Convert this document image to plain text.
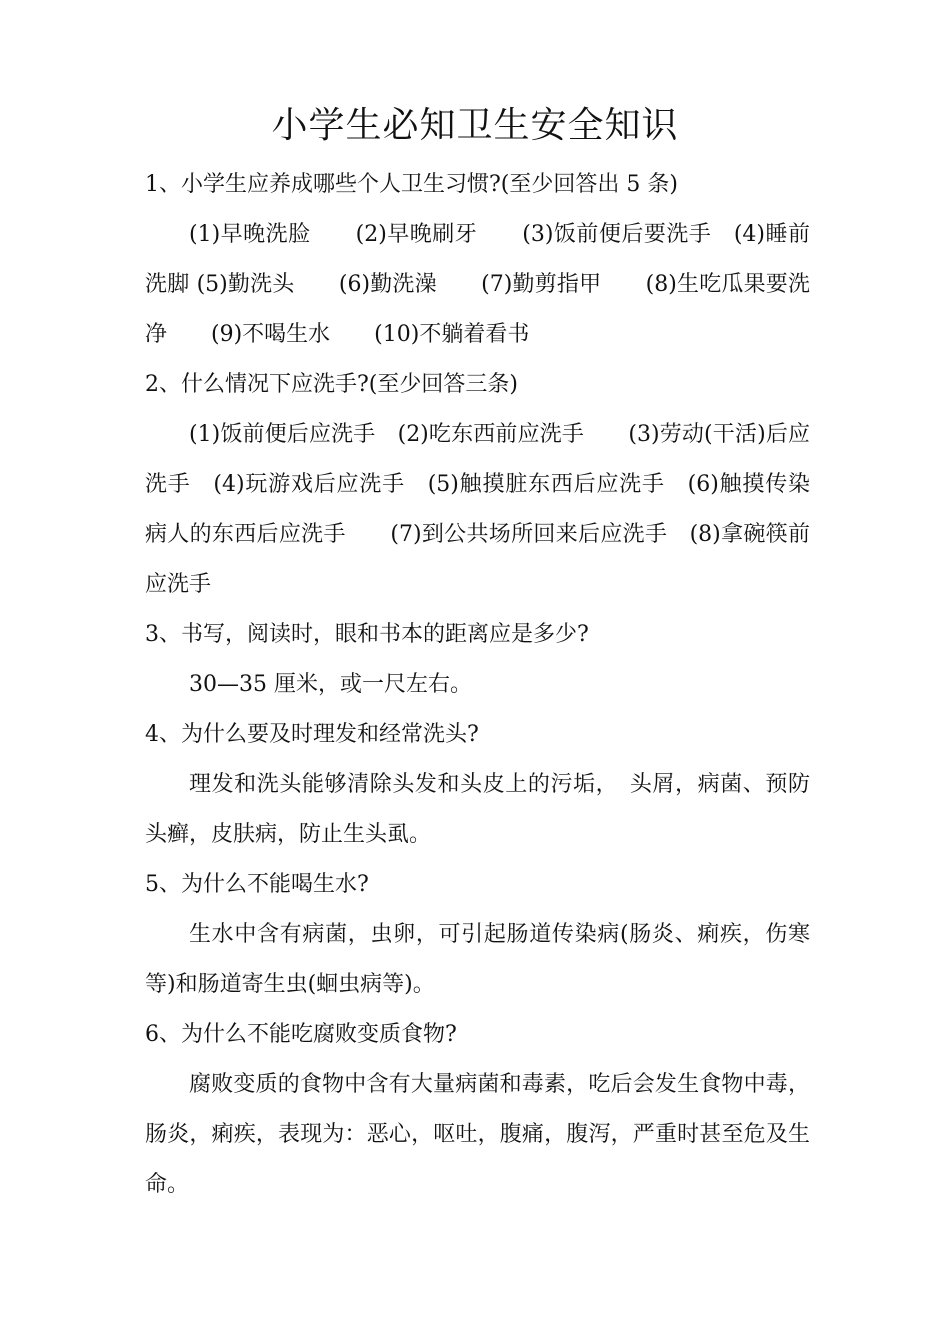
小学生必知卫生安全知识

1、小学生应养成哪些个人卫生习惯?(至少回答出 5 条)

(1)早晚洗脸　　(2)早晚刷牙　　(3)饭前便后要洗手　(4)睡前洗脚 (5)勤洗头　　(6)勤洗澡　　(7)勤剪指甲　　(8)生吃瓜果要洗净　　(9)不喝生水　　(10)不躺着看书

2、什么情况下应洗手?(至少回答三条)

(1)饭前便后应洗手　(2)吃东西前应洗手　　(3)劳动(干活)后应洗手　(4)玩游戏后应洗手　(5)触摸脏东西后应洗手　(6)触摸传染病人的东西后应洗手　　(7)到公共场所回来后应洗手　(8)拿碗筷前应洗手

3、书写，阅读时，眼和书本的距离应是多少?

30—35 厘米，或一尺左右。

4、为什么要及时理发和经常洗头?

理发和洗头能够清除头发和头皮上的污垢，　头屑，病菌、预防头癣，皮肤病，防止生头虱。

5、为什么不能喝生水?

生水中含有病菌，虫卵，可引起肠道传染病(肠炎、痢疾，伤寒等)和肠道寄生虫(蛔虫病等)。

6、为什么不能吃腐败变质食物?

腐败变质的食物中含有大量病菌和毒素，吃后会发生食物中毒，肠炎，痢疾，表现为：恶心，呕吐，腹痛，腹泻，严重时甚至危及生命。
